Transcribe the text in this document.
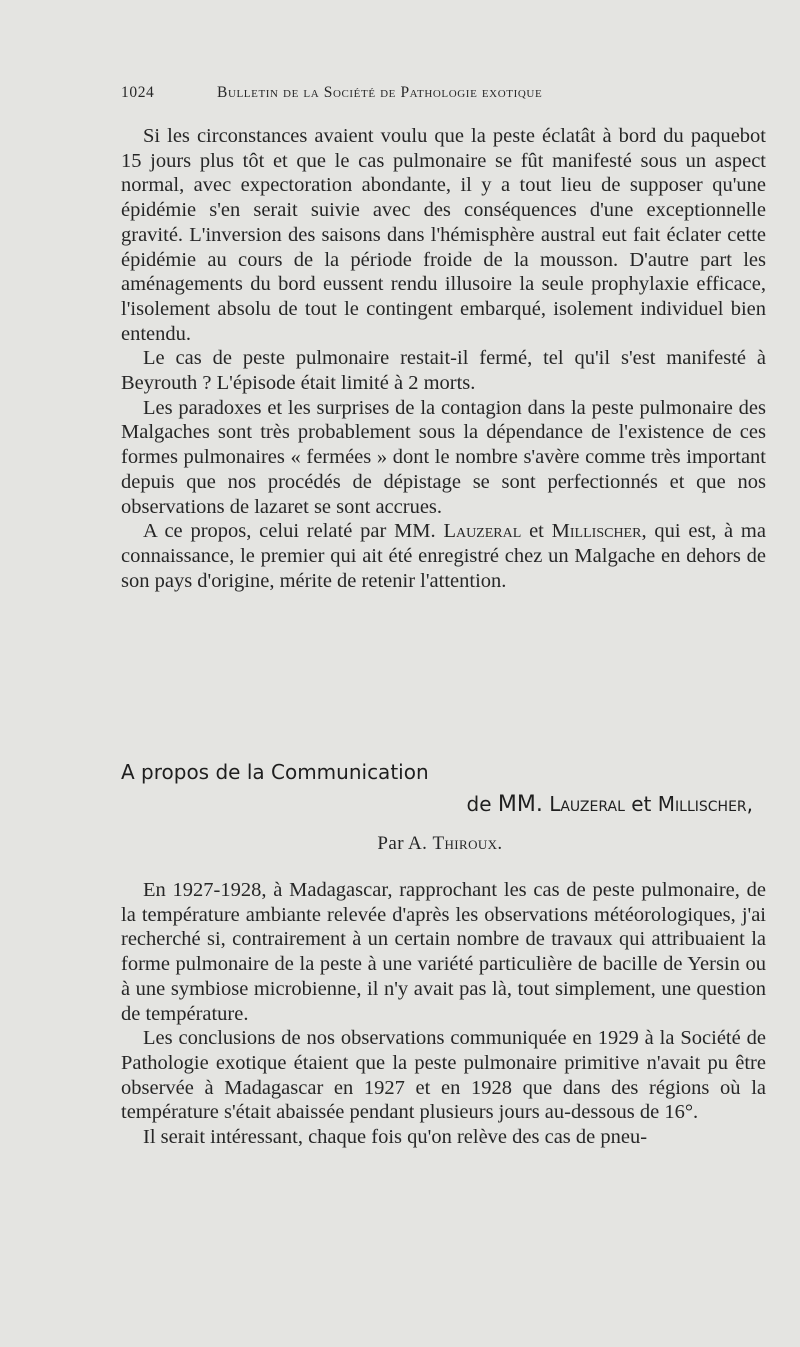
1024	Bulletin de la Société de Pathologie exotique

Si les circonstances avaient voulu que la peste éclatât à bord du paquebot 15 jours plus tôt et que le cas pulmonaire se fût manifesté sous un aspect normal, avec expectoration abondante, il y a tout lieu de supposer qu'une épidémie s'en serait suivie avec des conséquences d'une exceptionnelle gravité. L'inversion des saisons dans l'hémisphère austral eut fait éclater cette épidémie au cours de la période froide de la mousson. D'autre part les aménagements du bord eussent rendu illusoire la seule prophylaxie efficace, l'isolement absolu de tout le contingent embarqué, isolement individuel bien entendu.

Le cas de peste pulmonaire restait-il fermé, tel qu'il s'est manifesté à Beyrouth ? L'épisode était limité à 2 morts.

Les paradoxes et les surprises de la contagion dans la peste pulmonaire des Malgaches sont très probablement sous la dépendance de l'existence de ces formes pulmonaires « fermées » dont le nombre s'avère comme très important depuis que nos procédés de dépistage se sont perfectionnés et que nos observations de lazaret se sont accrues.

A ce propos, celui relaté par MM. Lauzeral et Millischer, qui est, à ma connaissance, le premier qui ait été enregistré chez un Malgache en dehors de son pays d'origine, mérite de retenir l'attention.

A propos de la Communication
de MM. Lauzeral et Millischer,
Par A. Thiroux.

En 1927-1928, à Madagascar, rapprochant les cas de peste pulmonaire, de la température ambiante relevée d'après les observations météorologiques, j'ai recherché si, contrairement à un certain nombre de travaux qui attribuaient la forme pulmonaire de la peste à une variété particulière de bacille de Yersin ou à une symbiose microbienne, il n'y avait pas là, tout simplement, une question de température.

Les conclusions de nos observations communiquée en 1929 à la Société de Pathologie exotique étaient que la peste pulmonaire primitive n'avait pu être observée à Madagascar en 1927 et en 1928 que dans des régions où la température s'était abaissée pendant plusieurs jours au-dessous de 16°.

Il serait intéressant, chaque fois qu'on relève des cas de pneu-
